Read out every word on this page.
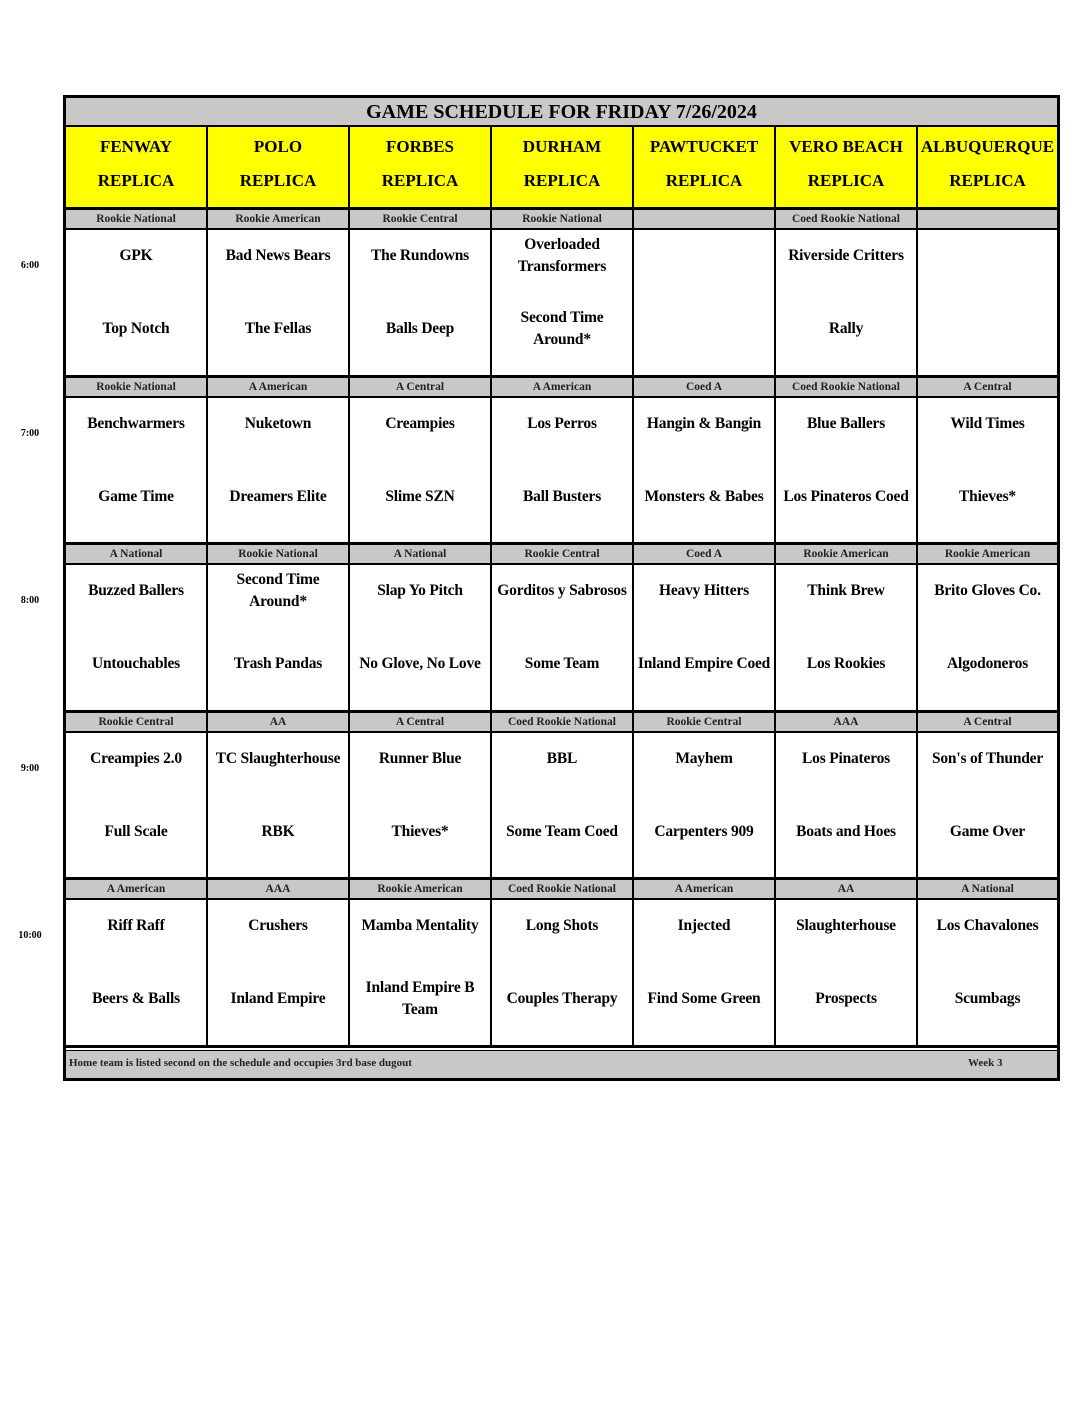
GAME SCHEDULE FOR FRIDAY 7/26/2024
FENWAY
REPLICA
POLO
REPLICA
FORBES
REPLICA
DURHAM
REPLICA
PAWTUCKET
REPLICA
VERO BEACH
REPLICA
ALBUQUERQUE
REPLICA
Rookie National
GPK
Top Notch
Rookie American
Bad News Bears
The Fellas
Rookie Central
The Rundowns
Balls Deep
Rookie National
Overloaded Transformers
Second Time Around*
Coed Rookie National
Riverside Critters
Rally
Rookie National
Benchwarmers
Game Time
A American
Nuketown
Dreamers Elite
A Central
Creampies
Slime SZN
A American
Los Perros
Ball Busters
Coed A
Hangin & Bangin
Monsters & Babes
Coed Rookie National
Blue Ballers
Los Pinateros Coed
A Central
Wild Times
Thieves*
A National
Buzzed Ballers
Untouchables
Rookie National
Second Time Around*
Trash Pandas
A National
Slap Yo Pitch
No Glove, No Love
Rookie Central
Gorditos y Sabrosos
Some Team
Coed A
Heavy Hitters
Inland Empire Coed
Rookie American
Think Brew
Los Rookies
Rookie American
Brito Gloves Co.
Algodoneros
Rookie Central
Creampies 2.0
Full Scale
AA
TC Slaughterhouse
RBK
A Central
Runner Blue
Thieves*
Coed Rookie National
BBL
Some Team Coed
Rookie Central
Mayhem
Carpenters 909
AAA
Los Pinateros
Boats and Hoes
A Central
Son's of Thunder
Game Over
A American
Riff Raff
Beers & Balls
AAA
Crushers
Inland Empire
Rookie American
Mamba Mentality
Inland Empire B Team
Coed Rookie National
Long Shots
Couples Therapy
A American
Injected
Find Some Green
AA
Slaughterhouse
Prospects
A National
Los Chavalones
Scumbags
Home team is listed second on the schedule and occupies 3rd base dugout	Week 3
6:00
7:00
8:00
9:00
10:00
